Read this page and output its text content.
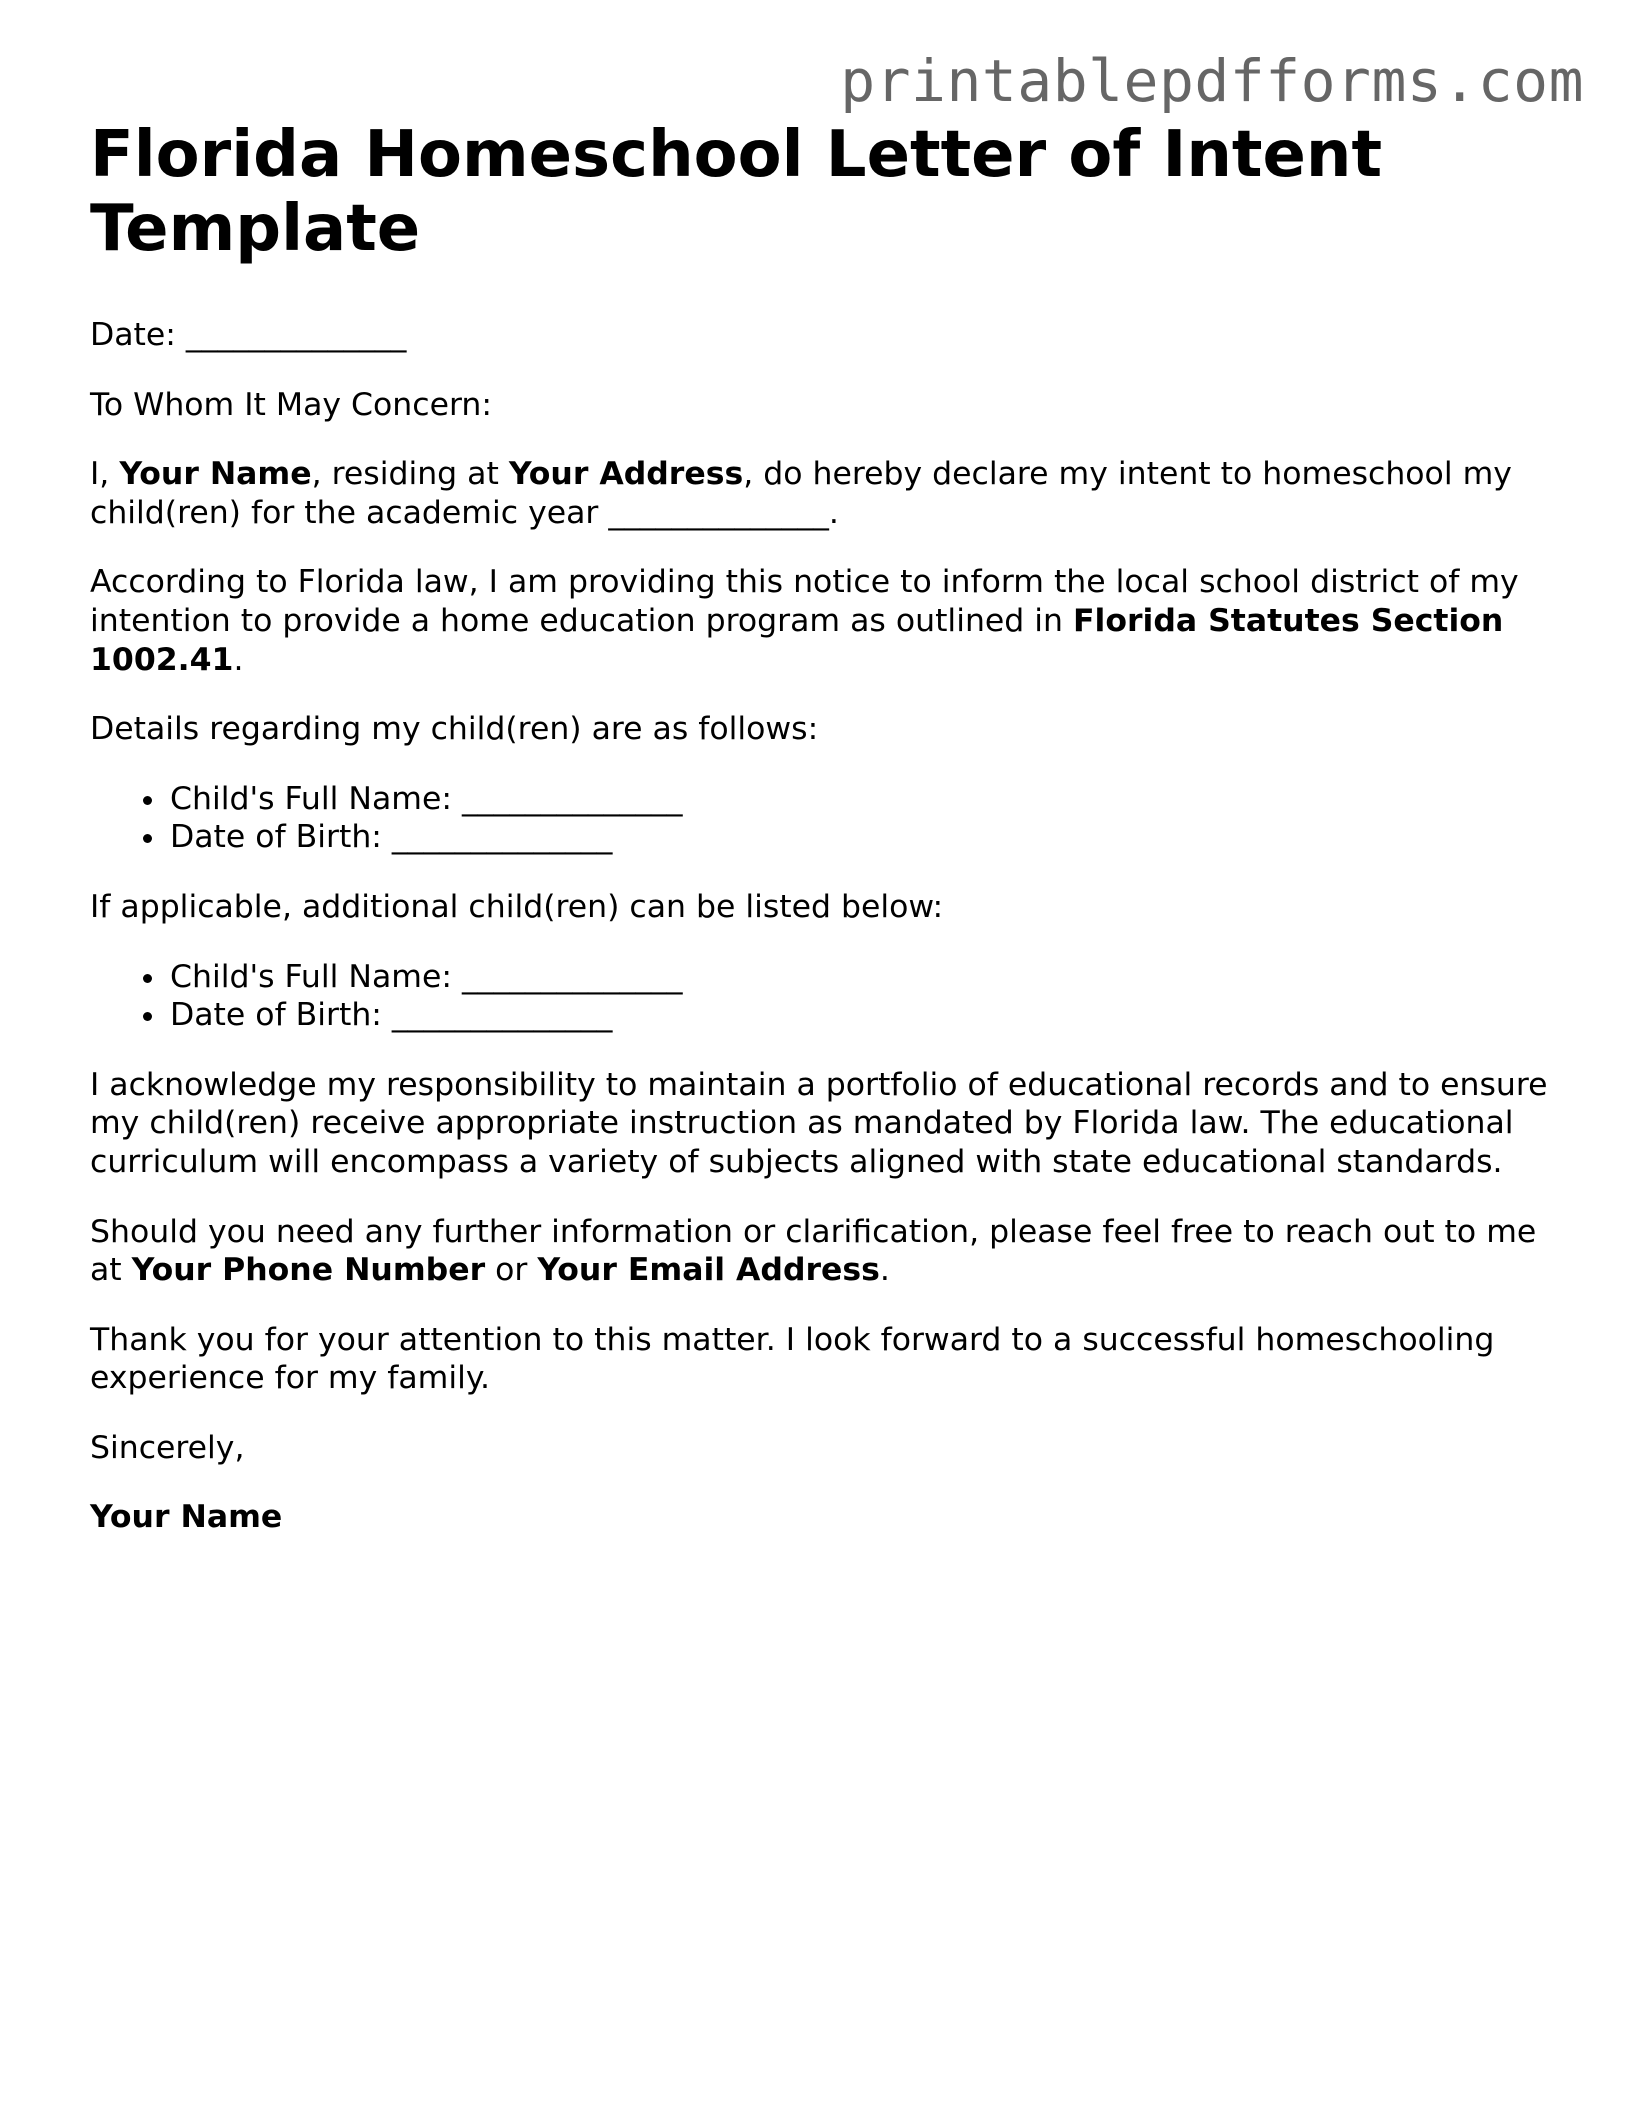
printablepdfforms.com
Florida Homeschool Letter of Intent Template

Date: ______________

To Whom It May Concern:

I, Your Name, residing at Your Address, do hereby declare my intent to homeschool my child(ren) for the academic year ______________.

According to Florida law, I am providing this notice to inform the local school district of my intention to provide a home education program as outlined in Florida Statutes Section 1002.41.

Details regarding my child(ren) are as follows:

• Child's Full Name: ______________
• Date of Birth: ______________

If applicable, additional child(ren) can be listed below:

• Child's Full Name: ______________
• Date of Birth: ______________

I acknowledge my responsibility to maintain a portfolio of educational records and to ensure my child(ren) receive appropriate instruction as mandated by Florida law. The educational curriculum will encompass a variety of subjects aligned with state educational standards.

Should you need any further information or clarification, please feel free to reach out to me at Your Phone Number or Your Email Address.

Thank you for your attention to this matter. I look forward to a successful homeschooling experience for my family.

Sincerely,

Your Name
